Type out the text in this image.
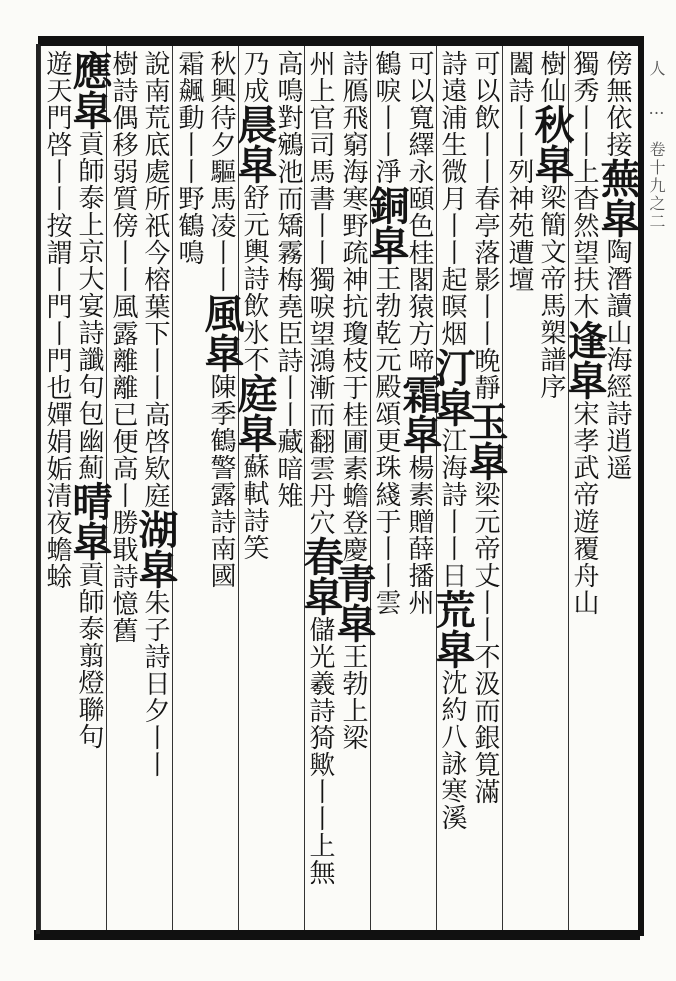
傍無依接蕪皐陶潛讀山海經詩逍遥
獨秀丨丨上杳然望扶木逢皐宋孝武帝遊覆舟山
樹仙秋皐梁簡文帝馬槊譜序
闔詩丨丨列神苑遭壇
可以飲丨丨春亭落影丨丨晚靜玉皐梁元帝丈丨丨不汲而銀筧滿
詩遠浦生微月丨丨起暝烟汀皐江海詩丨丨日荒皐沈約八詠寒溪
可以寬繹永頤色桂閣猿方啼霜皐楊素贈薛播州
鶴唳丨丨淨銅皐王勃乾元殿頌更珠綫于丨丨雲
詩鴈飛窮海寒野疏神抗瓊枝于桂圃素蟾登慶青皐王勃上梁
州上官司馬書丨丨獨唳望鴻漸而翻雲丹穴春皐儲光羲詩猗歟丨丨上無
高鳴對鵷池而矯霧梅堯臣詩丨丨藏暗雉
乃成晨皐舒元輿詩飲氷不庭皐蘇軾詩笑
秋興待夕驅馬凌丨丨風皐陳季鶴警露詩南國
霜飆動丨丨野鶴鳴
說南荒底處所祇今榕葉下丨丨高啓欵庭湖皐朱子詩日夕丨丨
樹詩偶移弱質傍丨丨風露離離已便高丨勝戢詩憶舊
應皐貢師泰上京大宴詩讖句包幽薊晴皐貢師泰翦燈聯句
遊天門啓丨丨按謂丨門丨門也嬋娟姤清夜蟾蜍
人 … 卷十九之二
